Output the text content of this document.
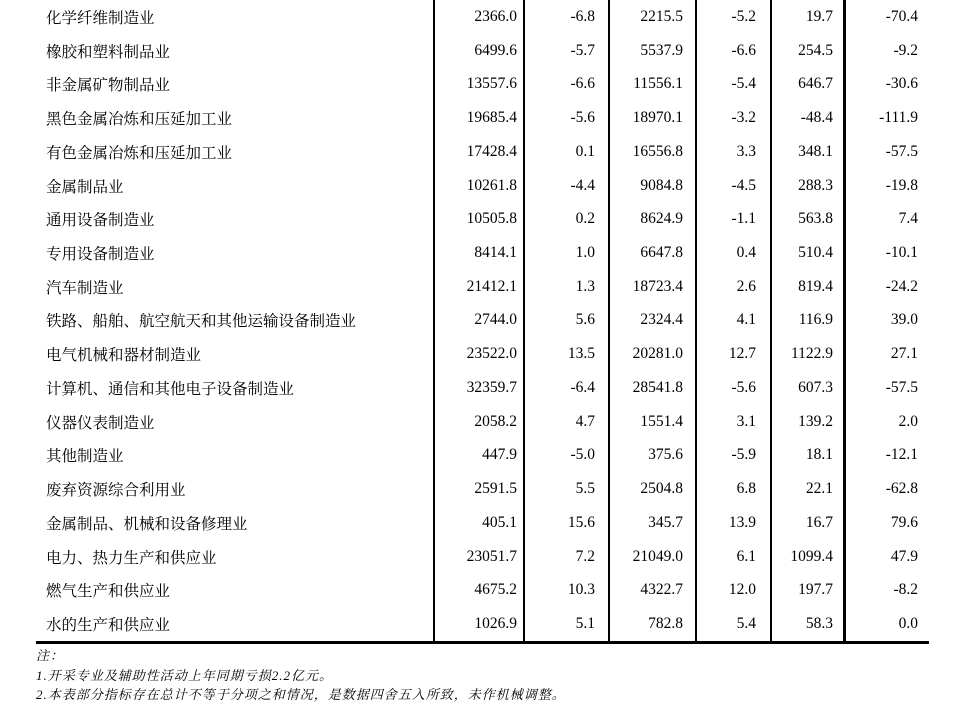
化学纤维制造业	2366.0	-6.8	2215.5	-5.2	19.7	-70.4
橡胶和塑料制品业	6499.6	-5.7	5537.9	-6.6	254.5	-9.2
非金属矿物制品业	13557.6	-6.6	11556.1	-5.4	646.7	-30.6
黑色金属冶炼和压延加工业	19685.4	-5.6	18970.1	-3.2	-48.4	-111.9
有色金属冶炼和压延加工业	17428.4	0.1	16556.8	3.3	348.1	-57.5
金属制品业	10261.8	-4.4	9084.8	-4.5	288.3	-19.8
通用设备制造业	10505.8	0.2	8624.9	-1.1	563.8	7.4
专用设备制造业	8414.1	1.0	6647.8	0.4	510.4	-10.1
汽车制造业	21412.1	1.3	18723.4	2.6	819.4	-24.2
铁路、船舶、航空航天和其他运输设备制造业	2744.0	5.6	2324.4	4.1	116.9	39.0
电气机械和器材制造业	23522.0	13.5	20281.0	12.7	1122.9	27.1
计算机、通信和其他电子设备制造业	32359.7	-6.4	28541.8	-5.6	607.3	-57.5
仪器仪表制造业	2058.2	4.7	1551.4	3.1	139.2	2.0
其他制造业	447.9	-5.0	375.6	-5.9	18.1	-12.1
废弃资源综合利用业	2591.5	5.5	2504.8	6.8	22.1	-62.8
金属制品、机械和设备修理业	405.1	15.6	345.7	13.9	16.7	79.6
电力、热力生产和供应业	23051.7	7.2	21049.0	6.1	1099.4	47.9
燃气生产和供应业	4675.2	10.3	4322.7	12.0	197.7	-8.2
水的生产和供应业	1026.9	5.1	782.8	5.4	58.3	0.0
注：
1.开采专业及辅助性活动上年同期亏损2.2亿元。
2.本表部分指标存在总计不等于分项之和情况，是数据四舍五入所致，未作机械调整。
